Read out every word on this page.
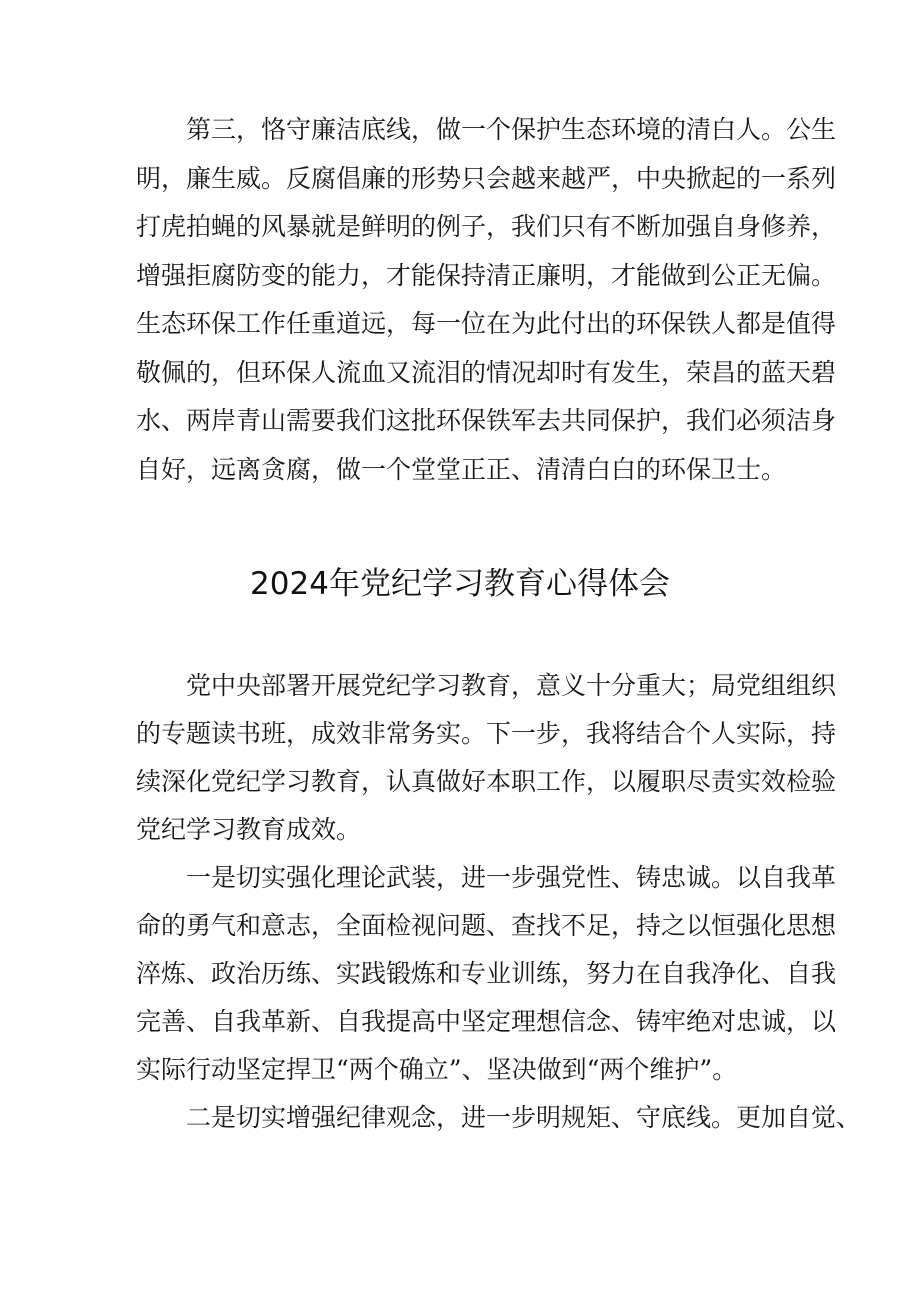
　　第三，恪守廉洁底线，做一个保护生态环境的清白人。公生
明，廉生威。反腐倡廉的形势只会越来越严，中央掀起的一系列
打虎拍蝇的风暴就是鲜明的例子，我们只有不断加强自身修养，
增强拒腐防变的能力，才能保持清正廉明，才能做到公正无偏。
生态环保工作任重道远，每一位在为此付出的环保铁人都是值得
敬佩的，但环保人流血又流泪的情况却时有发生，荣昌的蓝天碧
水、两岸青山需要我们这批环保铁军去共同保护，我们必须洁身
自好，远离贪腐，做一个堂堂正正、清清白白的环保卫士。
2024年党纪学习教育心得体会
　　党中央部署开展党纪学习教育，意义十分重大；局党组组织
的专题读书班，成效非常务实。下一步，我将结合个人实际，持
续深化党纪学习教育，认真做好本职工作，以履职尽责实效检验
党纪学习教育成效。
　　一是切实强化理论武装，进一步强党性、铸忠诚。以自我革
命的勇气和意志，全面检视问题、查找不足，持之以恒强化思想
淬炼、政治历练、实践锻炼和专业训练，努力在自我净化、自我
完善、自我革新、自我提高中坚定理想信念、铸牢绝对忠诚，以
实际行动坚定捍卫“两个确立”、坚决做到“两个维护”。
　　二是切实增强纪律观念，进一步明规矩、守底线。更加自觉、
